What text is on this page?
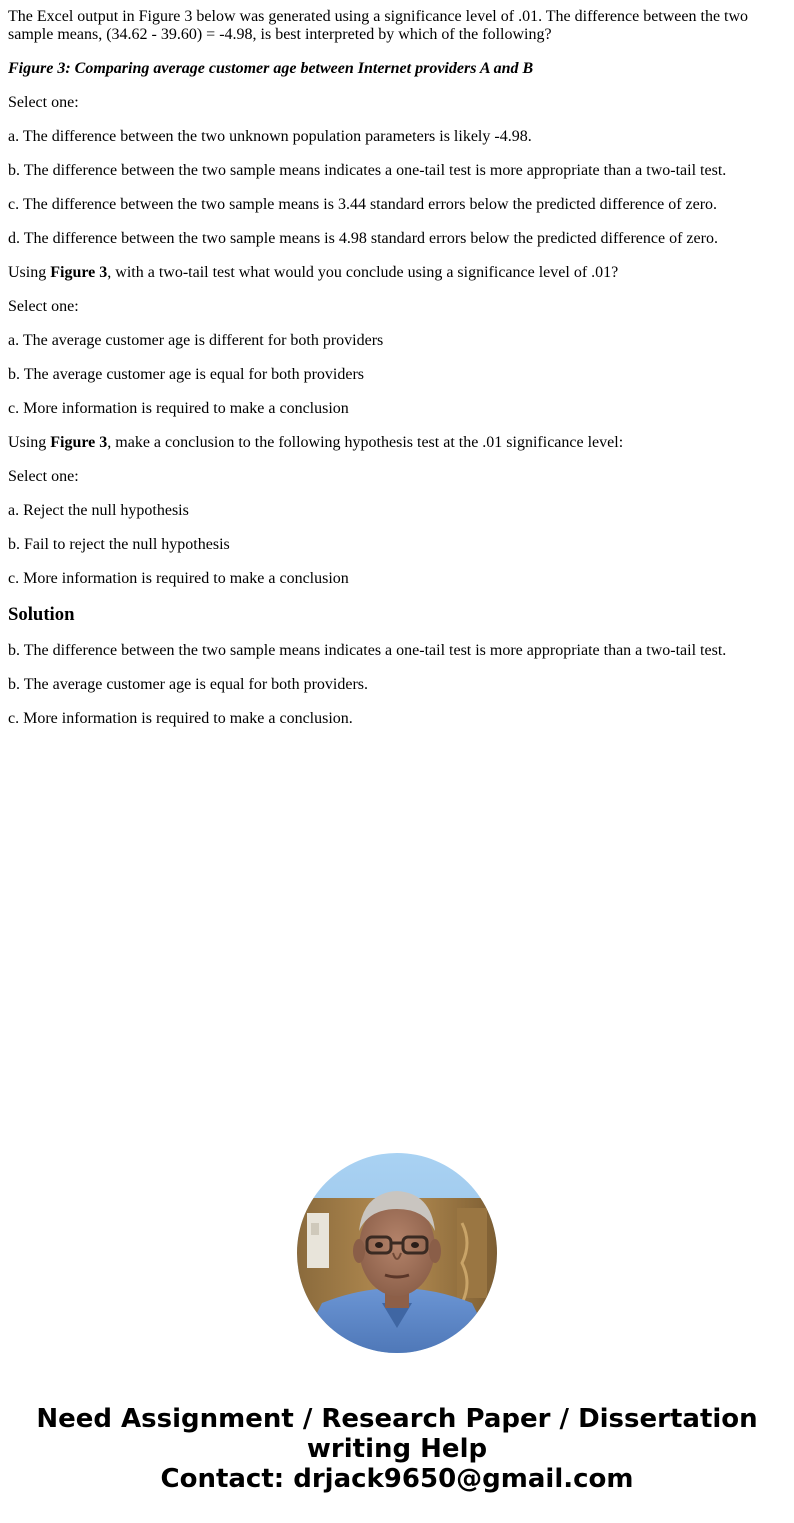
The Excel output in Figure 3 below was generated using a significance level of .01. The difference between the two sample means, (34.62 - 39.60) = -4.98, is best interpreted by which of the following?

Figure 3: Comparing average customer age between Internet providers A and B

Select one:

a. The difference between the two unknown population parameters is likely -4.98.

b. The difference between the two sample means indicates a one-tail test is more appropriate than a two-tail test.

c. The difference between the two sample means is 3.44 standard errors below the predicted difference of zero.

d. The difference between the two sample means is 4.98 standard errors below the predicted difference of zero.

Using Figure 3, with a two-tail test what would you conclude using a significance level of .01?

Select one:

a. The average customer age is different for both providers

b. The average customer age is equal for both providers

c. More information is required to make a conclusion

Using Figure 3, make a conclusion to the following hypothesis test at the .01 significance level:

Select one:

a. Reject the null hypothesis

b. Fail to reject the null hypothesis

c. More information is required to make a conclusion

Solution

b. The difference between the two sample means indicates a one-tail test is more appropriate than a two-tail test.

b. The average customer age is equal for both providers.

c. More information is required to make a conclusion.

Need Assignment / Research Paper / Dissertation
writing Help
Contact: drjack9650@gmail.com
